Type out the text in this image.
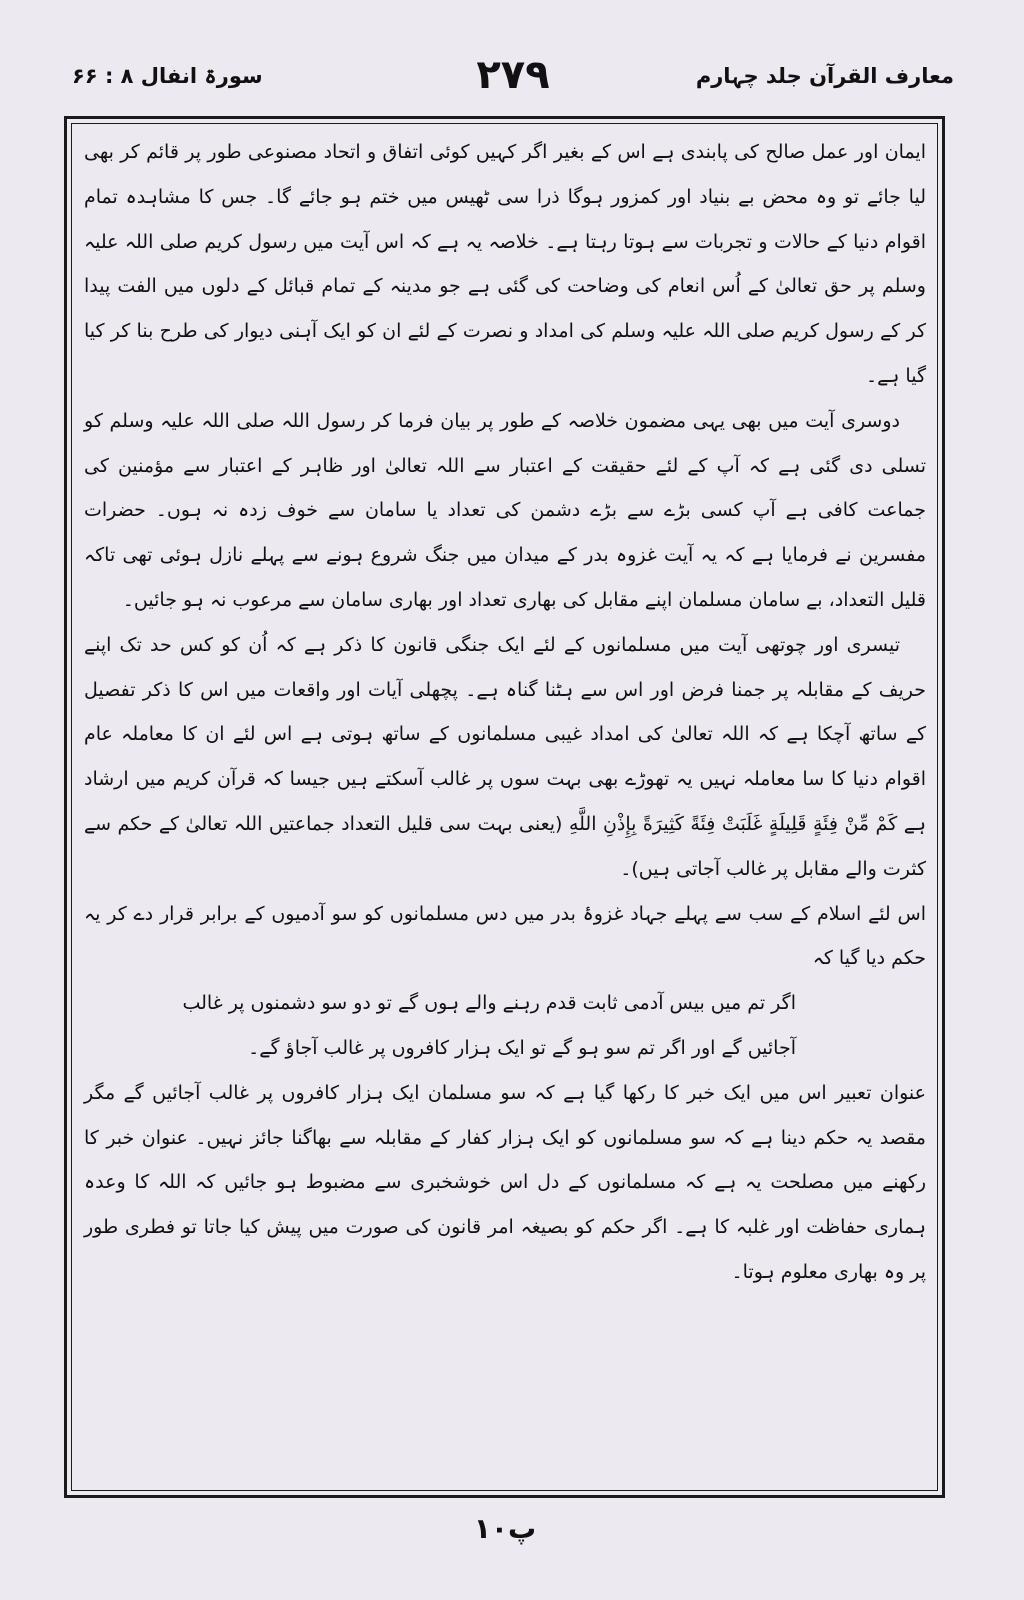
معارف القرآن جلد چہارم
۲۷۹
سورۃ انفال ۸ : ۶۶

ایمان اور عمل صالح کی پابندی ہے اس کے بغیر اگر کہیں کوئی اتفاق و اتحاد مصنوعی طور پر قائم کر بھی لیا جائے تو وہ محض بے بنیاد اور کمزور ہوگا ذرا سی ٹھیس میں ختم ہو جائے گا۔ جس کا مشاہدہ تمام اقوام دنیا کے حالات و تجربات سے ہوتا رہتا ہے۔ خلاصہ یہ ہے کہ اس آیت میں رسول کریم صلی اللہ علیہ وسلم پر حق تعالیٰ کے اُس انعام کی وضاحت کی گئی ہے جو مدینہ کے تمام قبائل کے دلوں میں الفت پیدا کر کے رسول کریم صلی اللہ علیہ وسلم کی امداد و نصرت کے لئے ان کو ایک آہنی دیوار کی طرح بنا کر کیا گیا ہے۔

دوسری آیت میں بھی یہی مضمون خلاصہ کے طور پر بیان فرما کر رسول اللہ صلی اللہ علیہ وسلم کو تسلی دی گئی ہے کہ آپ کے لئے حقیقت کے اعتبار سے اللہ تعالیٰ اور ظاہر کے اعتبار سے مؤمنین کی جماعت کافی ہے آپ کسی بڑے سے بڑے دشمن کی تعداد یا سامان سے خوف زدہ نہ ہوں۔ حضرات مفسرین نے فرمایا ہے کہ یہ آیت غزوہ بدر کے میدان میں جنگ شروع ہونے سے پہلے نازل ہوئی تھی تاکہ قلیل التعداد، بے سامان مسلمان اپنے مقابل کی بھاری تعداد اور بھاری سامان سے مرعوب نہ ہو جائیں۔

تیسری اور چوتھی آیت میں مسلمانوں کے لئے ایک جنگی قانون کا ذکر ہے کہ اُن کو کس حد تک اپنے حریف کے مقابلہ پر جمنا فرض اور اس سے ہٹنا گناہ ہے۔ پچھلی آیات اور واقعات میں اس کا ذکر تفصیل کے ساتھ آچکا ہے کہ اللہ تعالیٰ کی امداد غیبی مسلمانوں کے ساتھ ہوتی ہے اس لئے ان کا معاملہ عام اقوام دنیا کا سا معاملہ نہیں یہ تھوڑے بھی بہت سوں پر غالب آسکتے ہیں جیسا کہ قرآن کریم میں ارشاد ہے كَمْ مِّنْ فِئَةٍ قَلِيلَةٍ غَلَبَتْ فِئَةً كَثِيرَةً بِإِذْنِ اللَّهِ (یعنی بہت سی قلیل التعداد جماعتیں اللہ تعالیٰ کے حکم سے کثرت والے مقابل پر غالب آجاتی ہیں)۔

اس لئے اسلام کے سب سے پہلے جہاد غزوۂ بدر میں دس مسلمانوں کو سو آدمیوں کے برابر قرار دے کر یہ حکم دیا گیا کہ

اگر تم میں بیس آدمی ثابت قدم رہنے والے ہوں گے تو دو سو دشمنوں پر غالب آجائیں گے اور اگر تم سو ہو گے تو ایک ہزار کافروں پر غالب آجاؤ گے۔

عنوان تعبیر اس میں ایک خبر کا رکھا گیا ہے کہ سو مسلمان ایک ہزار کافروں پر غالب آجائیں گے مگر مقصد یہ حکم دینا ہے کہ سو مسلمانوں کو ایک ہزار کفار کے مقابلہ سے بھاگنا جائز نہیں۔ عنوان خبر کا رکھنے میں مصلحت یہ ہے کہ مسلمانوں کے دل اس خوشخبری سے مضبوط ہو جائیں کہ اللہ کا وعدہ ہماری حفاظت اور غلبہ کا ہے۔ اگر حکم کو بصیغہ امر قانون کی صورت میں پیش کیا جاتا تو فطری طور پر وہ بھاری معلوم ہوتا۔

پ۱۰
